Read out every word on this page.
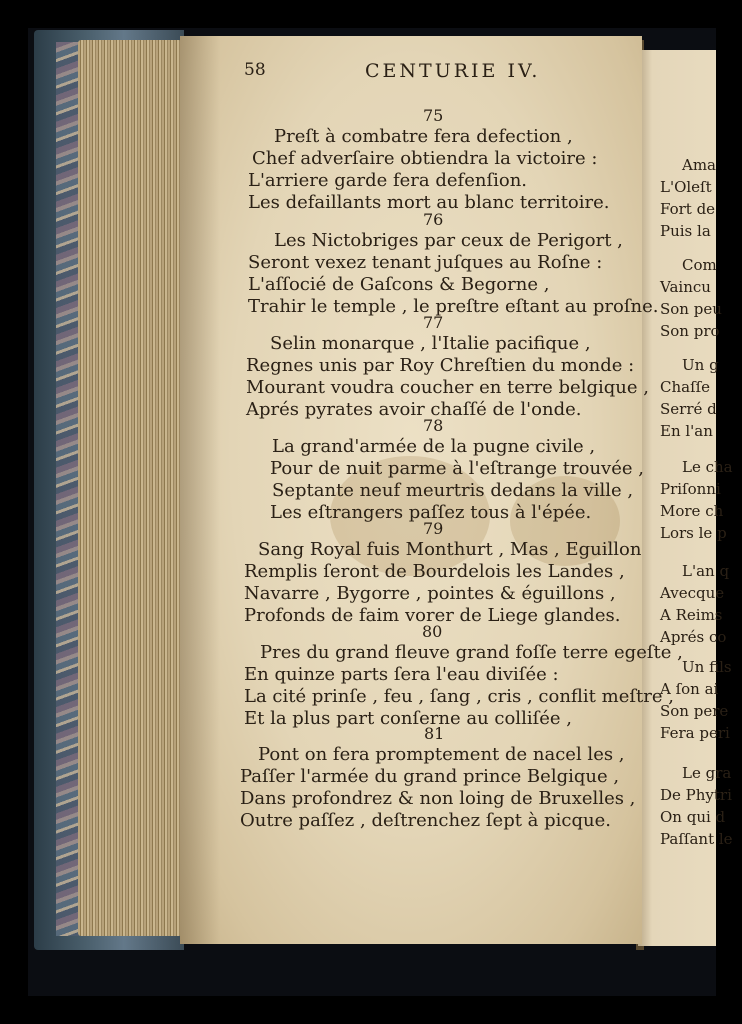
Ama
L'Oleſt
Fort de
Puis la
Com
Vaincu
Son peu
Son pro
Un g
Chaſſe
Serré d
En l'an
Le cha
Priſonni
More ch
Lors le p
L'an q
Avecque
A Reims
Aprés co
Un fils
A ſon ai
Son pere
Fera peri
Le gra
De Phytri
On qui d
Paſſant le
58	CENTURIE IV.
75
Preſt à combatre fera defection ,
Chef adverſaire obtiendra la victoire :
L'arriere garde fera defenſion.
Les defaillants mort au blanc territoire.
76
Les Nictobriges par ceux de Perigort ,
Seront vexez tenant juſques au Roſne :
L'aſſocié de Gaſcons & Begorne ,
Trahir le temple , le preſtre eſtant au proſne.
77
Selin monarque , l'Italie pacifique ,
Regnes unis par Roy Chreſtien du monde :
Mourant voudra coucher en terre belgique ,
Aprés pyrates avoir chaſſé de l'onde.
78
La grand'armée de la pugne civile ,
Pour de nuit parme à l'eſtrange trouvée ,
Septante neuf meurtris dedans la ville ,
Les eſtrangers paſſez tous à l'épée.
79
Sang Royal fuis Monthurt , Mas , Eguillon
Remplis ſeront de Bourdelois les Landes ,
Navarre , Bygorre , pointes & éguillons ,
Profonds de faim vorer de Liege glandes.
80
Pres du grand fleuve grand foſſe terre egeſte ,
En quinze parts ſera l'eau diviſée :
La cité prinſe , feu , ſang , cris , conflit meſtre ,
Et la plus part conſerne au colliſée ,
81
Pont on fera promptement de nacel les ,
Paſſer l'armée du grand prince Belgique ,
Dans profondrez & non loing de Bruxelles ,
Outre paſſez , deſtrenchez ſept à picque.
